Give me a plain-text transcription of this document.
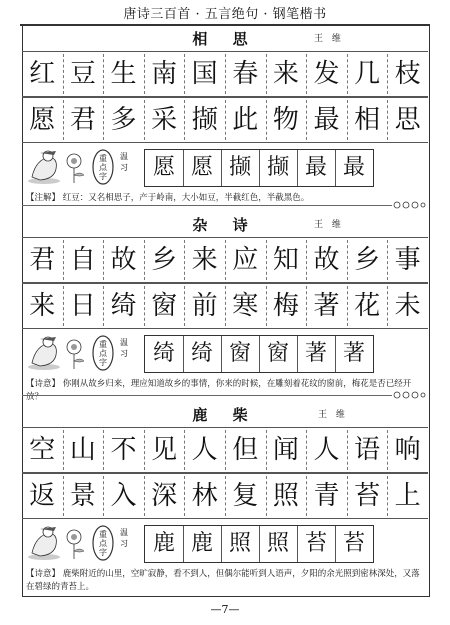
唐诗三百首 · 五言绝句 · 钢笔楷书
相 思	王 维
红 豆 生 南 国 春 来 发 几 枝
愿 君 多 采 撷 此 物 最 相 思
重
点
字
温习	愿 愿 撷 撷 最 最
【注解】 红豆：又名相思子，产于岭南，大小如豆，半截红色，半截黑色。
杂 诗	王 维
君 自 故 乡 来 应 知 故 乡 事
来 日 绮 窗 前 寒 梅 著 花 未
重
点
字
温习	绮 绮 窗 窗 著 著
【诗意】 你刚从故乡归来，理应知道故乡的事情，你来的时候，在雕刻着花纹的窗前，梅花是否已经开放？
鹿 柴	王 维
空 山 不 见 人 但 闻 人 语 响
返 景 入 深 林 复 照 青 苔 上
重
点
字
温习	鹿 鹿 照 照 苔 苔
【诗意】 鹿柴附近的山里，空旷寂静，看不到人，但偶尔能听到人语声，夕阳的余光照到密林深处，又落在碧绿的青苔上。
—7—
